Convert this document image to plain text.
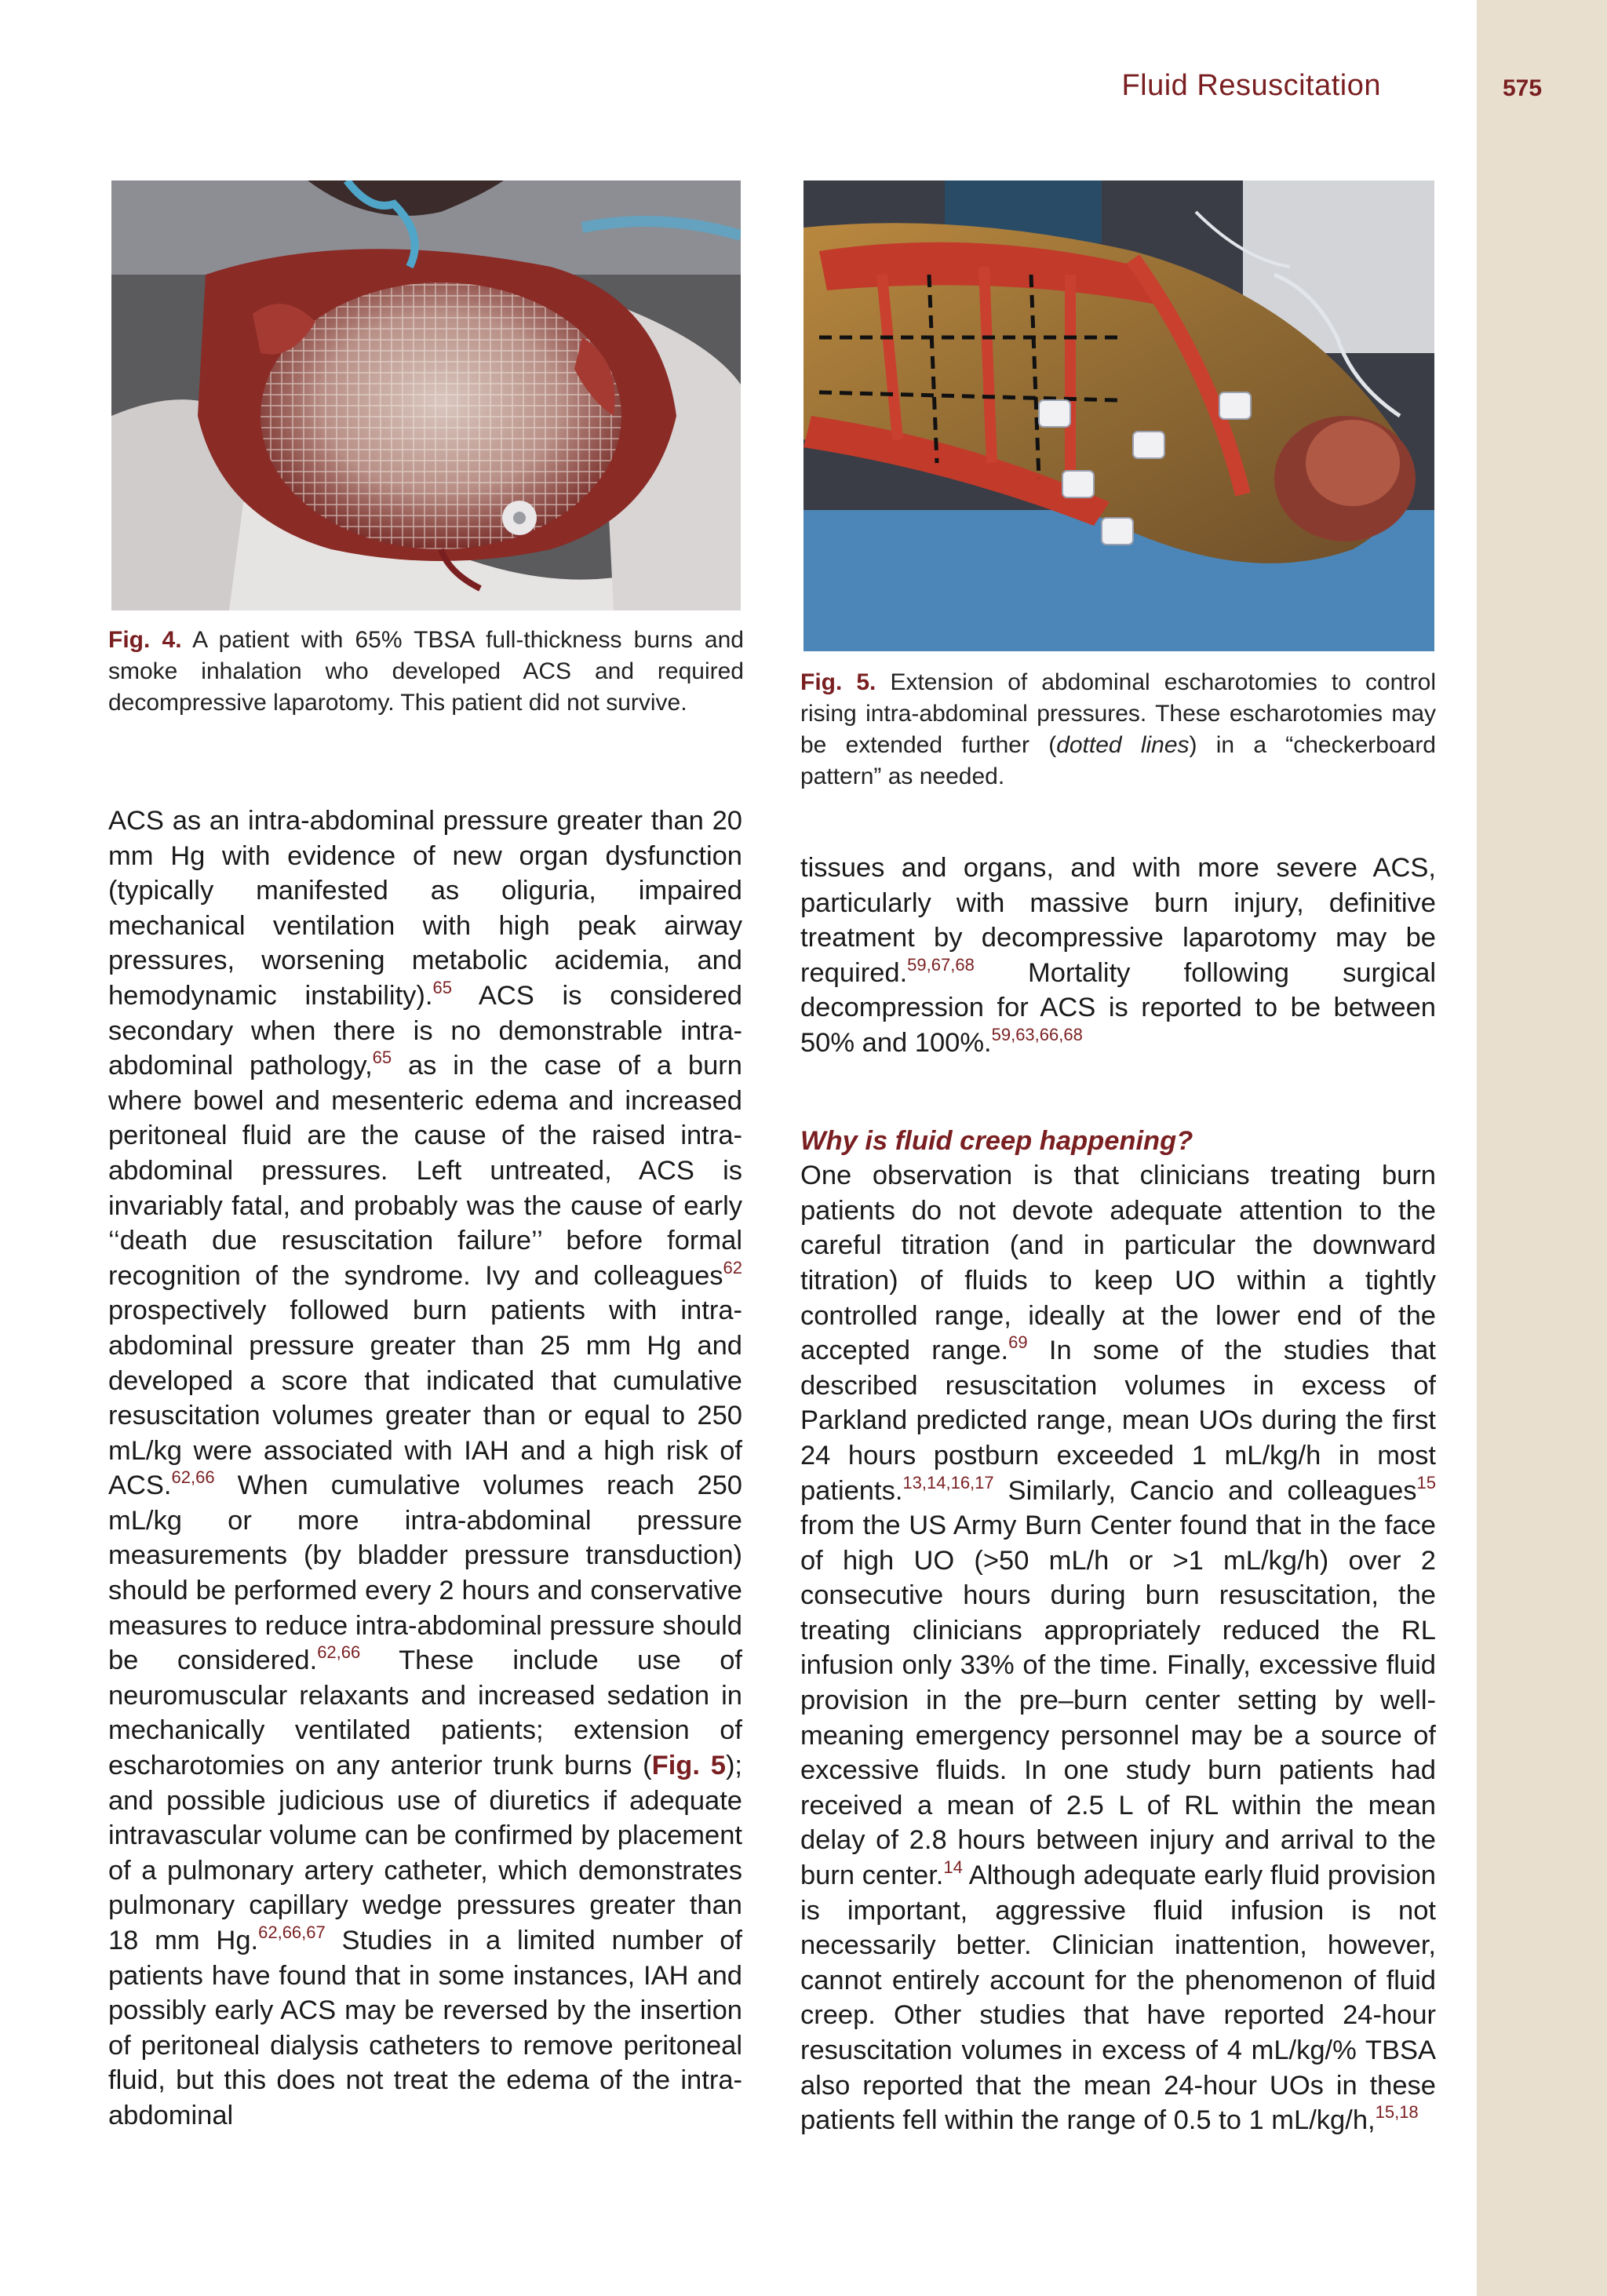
Fluid Resuscitation	575
Fig. 4. A patient with 65% TBSA full-thickness burns and smoke inhalation who developed ACS and required decompressive laparotomy. This patient did not survive.
Fig. 5. Extension of abdominal escharotomies to control rising intra-abdominal pressures. These escharotomies may be extended further (dotted lines) in a “checkerboard pattern” as needed.

ACS as an intra-abdominal pressure greater than 20 mm Hg with evidence of new organ dysfunction (typically manifested as oliguria, impaired mechanical ventilation with high peak airway pressures, worsening metabolic acidemia, and hemodynamic instability).$^{65}$ ACS is considered secondary when there is no demonstrable intra-abdominal pathology,$^{65}$ as in the case of a burn where bowel and mesenteric edema and increased peritoneal fluid are the cause of the raised intra-abdominal pressures. Left untreated, ACS is invariably fatal, and probably was the cause of early ‘‘death due resuscitation failure’’ before formal recognition of the syndrome. Ivy and colleagues$^{62}$ prospectively followed burn patients with intra-abdominal pressure greater than 25 mm Hg and developed a score that indicated that cumulative resuscitation volumes greater than or equal to 250 mL/kg were associated with IAH and a high risk of ACS.$^{62,66}$ When cumulative volumes reach 250 mL/kg or more intra-abdominal pressure measurements (by bladder pressure transduction) should be performed every 2 hours and conservative measures to reduce intra-abdominal pressure should be considered.$^{62,66}$ These include use of neuromuscular relaxants and increased sedation in mechanically ventilated patients; extension of escharotomies on any anterior trunk burns (Fig. 5); and possible judicious use of diuretics if adequate intravascular volume can be confirmed by placement of a pulmonary artery catheter, which demonstrates pulmonary capillary wedge pressures greater than 18 mm Hg.$^{62,66,67}$ Studies in a limited number of patients have found that in some instances, IAH and possibly early ACS may be reversed by the insertion of peritoneal dialysis catheters to remove peritoneal fluid, but this does not treat the edema of the intra-abdominal

tissues and organs, and with more severe ACS, particularly with massive burn injury, definitive treatment by decompressive laparotomy may be required.$^{59,67,68}$ Mortality following surgical decompression for ACS is reported to be between 50% and 100%.$^{59,63,66,68}$

Why is fluid creep happening?

One observation is that clinicians treating burn patients do not devote adequate attention to the careful titration (and in particular the downward titration) of fluids to keep UO within a tightly controlled range, ideally at the lower end of the accepted range.$^{69}$ In some of the studies that described resuscitation volumes in excess of Parkland predicted range, mean UOs during the first 24 hours postburn exceeded 1 mL/kg/h in most patients.$^{13,14,16,17}$ Similarly, Cancio and colleagues$^{15}$ from the US Army Burn Center found that in the face of high UO (>50 mL/h or >1 mL/kg/h) over 2 consecutive hours during burn resuscitation, the treating clinicians appropriately reduced the RL infusion only 33% of the time. Finally, excessive fluid provision in the pre–burn center setting by well-meaning emergency personnel may be a source of excessive fluids. In one study burn patients had received a mean of 2.5 L of RL within the mean delay of 2.8 hours between injury and arrival to the burn center.$^{14}$ Although adequate early fluid provision is important, aggressive fluid infusion is not necessarily better. Clinician inattention, however, cannot entirely account for the phenomenon of fluid creep. Other studies that have reported 24-hour resuscitation volumes in excess of 4 mL/kg/% TBSA also reported that the mean 24-hour UOs in these patients fell within the range of 0.5 to 1 mL/kg/h,$^{15,18}$
